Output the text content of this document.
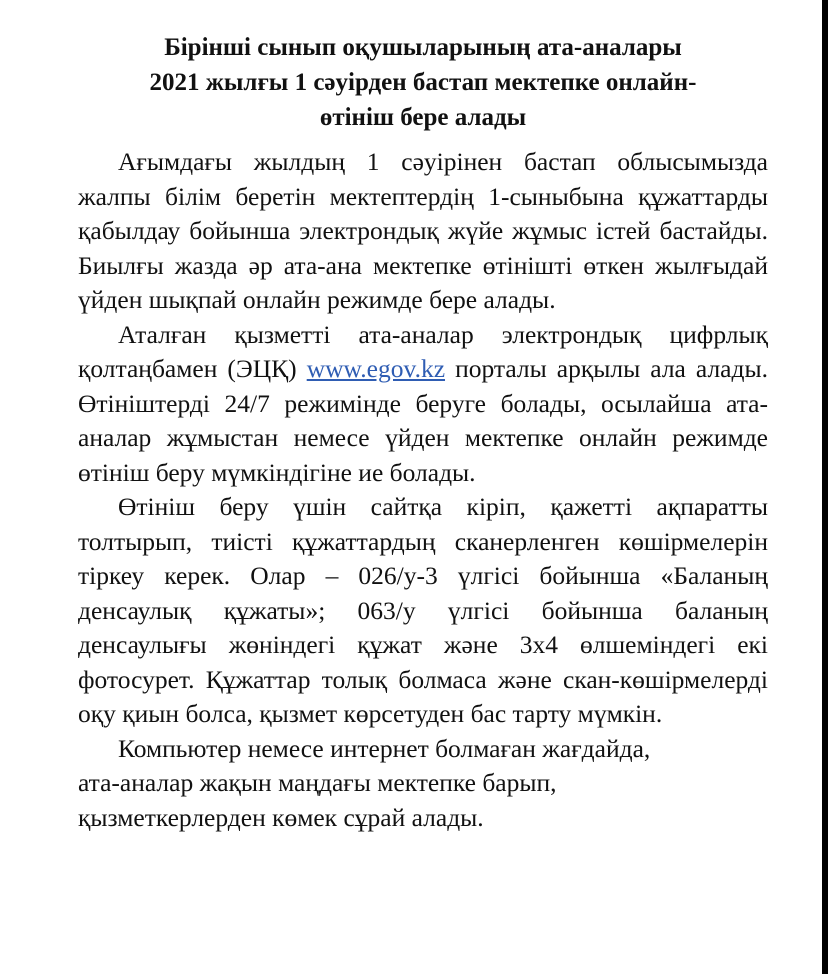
Бірінші сынып оқушыларының ата-аналары
2021 жылғы 1 сәуірден бастап мектепке онлайн-
өтініш бере алады

Ағымдағы жылдың 1 сәуірінен бастап облысымызда жалпы білім беретін мектептердің 1-сыныбына құжаттарды қабылдау бойынша электрондық жүйе жұмыс істей бастайды. Биылғы жазда әр ата-ана мектепке өтінішті өткен жылғыдай үйден шықпай онлайн режимде бере алады.

Аталған қызметті ата-аналар электрондық цифрлық қолтаңбамен (ЭЦҚ) www.egov.kz порталы арқылы ала алады. Өтініштерді 24/7 режимінде беруге болады, осылайша ата-аналар жұмыстан немесе үйден мектепке онлайн режимде өтініш беру мүмкіндігіне ие болады.

Өтініш беру үшін сайтқа кіріп, қажетті ақпаратты толтырып, тиісті құжаттардың сканерленген көшірмелерін тіркеу керек. Олар – 026/у-3 үлгісі бойынша «Баланың денсаулық құжаты»; 063/у үлгісі бойынша баланың денсаулығы жөніндегі құжат және 3х4 өлшеміндегі екі фотосурет. Құжаттар толық болмаса және скан-көшірмелерді оқу қиын болса, қызмет көрсетуден бас тарту мүмкін.

Компьютер немесе интернет болмаған жағдайда,
ата-аналар жақын маңдағы мектепке барып,
қызметкерлерден көмек сұрай алады.
